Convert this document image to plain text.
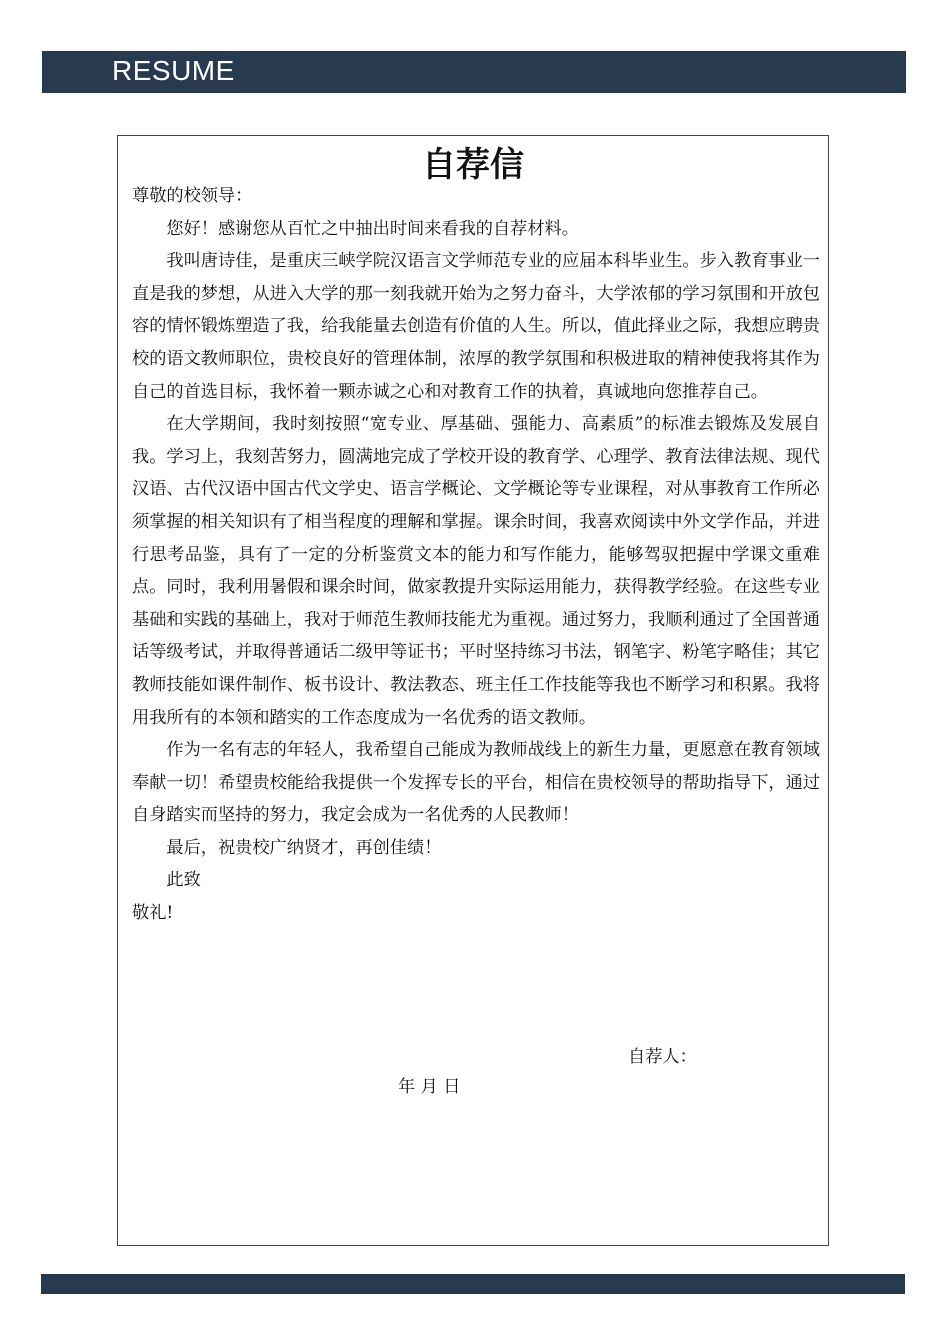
RESUME
自荐信

尊敬的校领导：

您好！感谢您从百忙之中抽出时间来看我的自荐材料。

我叫唐诗佳，是重庆三峡学院汉语言文学师范专业的应届本科毕业生。步入教育事业一直是我的梦想，从进入大学的那一刻我就开始为之努力奋斗，大学浓郁的学习氛围和开放包容的情怀锻炼塑造了我，给我能量去创造有价值的人生。所以，值此择业之际，我想应聘贵校的语文教师职位，贵校良好的管理体制，浓厚的教学氛围和积极进取的精神使我将其作为自己的首选目标，我怀着一颗赤诚之心和对教育工作的执着，真诚地向您推荐自己。

在大学期间，我时刻按照“宽专业、厚基础、强能力、高素质”的标准去锻炼及发展自我。学习上，我刻苦努力，圆满地完成了学校开设的教育学、心理学、教育法律法规、现代汉语、古代汉语中国古代文学史、语言学概论、文学概论等专业课程，对从事教育工作所必须掌握的相关知识有了相当程度的理解和掌握。课余时间，我喜欢阅读中外文学作品，并进行思考品鉴，具有了一定的分析鉴赏文本的能力和写作能力，能够驾驭把握中学课文重难点。同时，我利用暑假和课余时间，做家教提升实际运用能力，获得教学经验。在这些专业基础和实践的基础上，我对于师范生教师技能尤为重视。通过努力，我顺利通过了全国普通话等级考试，并取得普通话二级甲等证书；平时坚持练习书法，钢笔字、粉笔字略佳；其它教师技能如课件制作、板书设计、教法教态、班主任工作技能等我也不断学习和积累。我将用我所有的本领和踏实的工作态度成为一名优秀的语文教师。

作为一名有志的年轻人，我希望自己能成为教师战线上的新生力量，更愿意在教育领域奉献一切！希望贵校能给我提供一个发挥专长的平台，相信在贵校领导的帮助指导下，通过自身踏实而坚持的努力，我定会成为一名优秀的人民教师！

最后，祝贵校广纳贤才，再创佳绩！

此致

敬礼!

自荐人：
年 月 日
